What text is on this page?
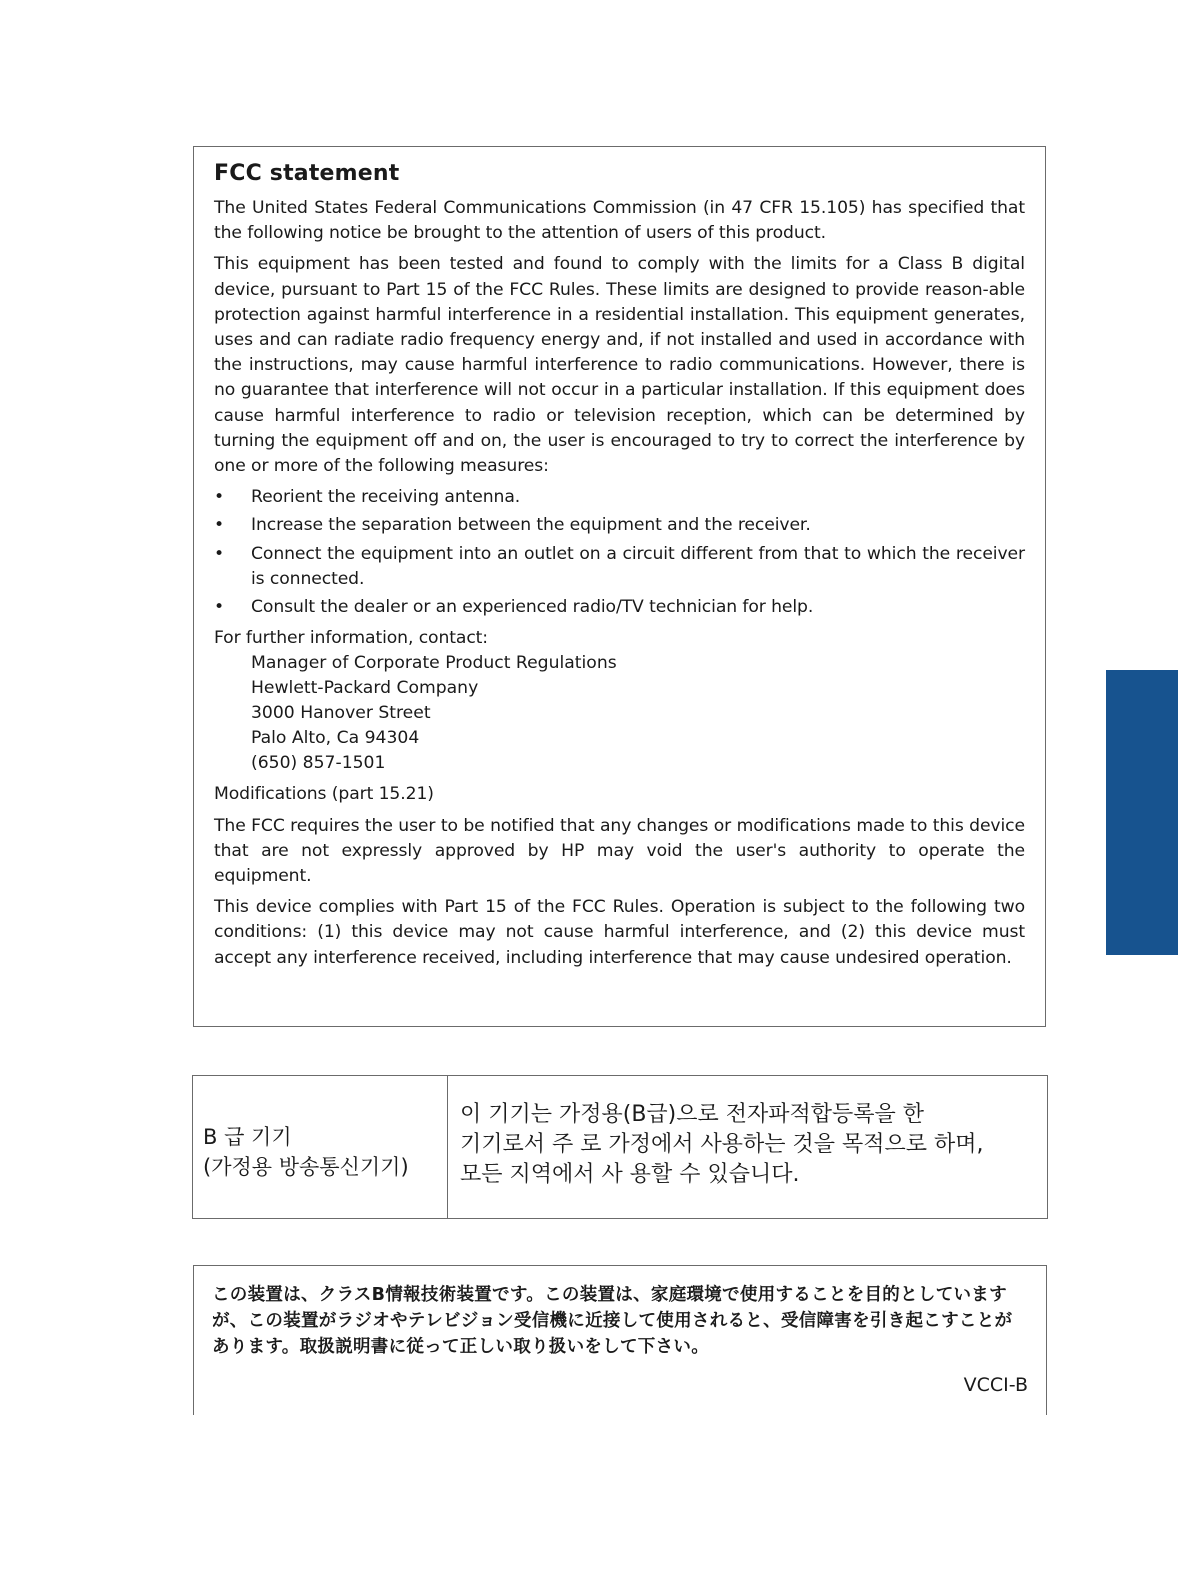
FCC statement

The United States Federal Communications Commission (in 47 CFR 15.105) has specified that the following notice be brought to the attention of users of this product.

This equipment has been tested and found to comply with the limits for a Class B digital device, pursuant to Part 15 of the FCC Rules. These limits are designed to provide reason-able protection against harmful interference in a residential installation. This equipment generates, uses and can radiate radio frequency energy and, if not installed and used in accordance with the instructions, may cause harmful interference to radio communications. However, there is no guarantee that interference will not occur in a particular installation. If this equipment does cause harmful interference to radio or television reception, which can be determined by turning the equipment off and on, the user is encouraged to try to correct the interference by one or more of the following measures:

• Reorient the receiving antenna.
• Increase the separation between the equipment and the receiver.
• Connect the equipment into an outlet on a circuit different from that to which the receiver is connected.
• Consult the dealer or an experienced radio/TV technician for help.

For further information, contact:

Manager of Corporate Product Regulations
Hewlett-Packard Company
3000 Hanover Street
Palo Alto, Ca 94304
(650) 857-1501

Modifications (part 15.21)

The FCC requires the user to be notified that any changes or modifications made to this device that are not expressly approved by HP may void the user's authority to operate the equipment.

This device complies with Part 15 of the FCC Rules. Operation is subject to the following two conditions: (1) this device may not cause harmful interference, and (2) this device must accept any interference received, including interference that may cause undesired operation.

B 급 기기
(가정용 방송통신기기)
이 기기는 가정용(B급)으로 전자파적합등록을 한
기기로서 주 로 가정에서 사용하는 것을 목적으로 하며,
모든 지역에서 사 용할 수 있습니다.

この装置は、クラスB情報技術装置です。この装置は、家庭環境で使用することを目的としていますが、この装置がラジオやテレビジョン受信機に近接して使用されると、受信障害を引き起こすことがあります。取扱説明書に従って正しい取り扱いをして下さい。

VCCI-B
